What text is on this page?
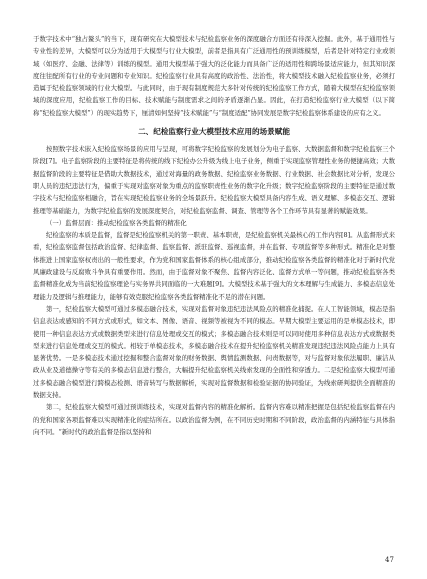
于数字技术中“独占鳌头”的当下，现有研究在大模型技术与纪检监察业务的深度融合方面还有待深入挖掘。此外，基于通用性与专业性的差异，大模型可以分为适用于大模型与行业大模型，前者是指具有广泛通用性的预训练模型，后者是针对特定行业或领域（如医疗、金融、法律等）训练的模型。通用大模型基于强大的泛化能力而具备广泛的适用性和跨场景适应能力，但其知识深度往往配所有行业的专业问题和专业知识。纪检监察行业具有高度的政治性、法治性，将大模型技术融入纪检监察业务，必须打造属于纪检监察领域的行业大模型。与此同时，由于现有制度规范大多针对传统的纪检监察工作方式，随着大模型在纪检监察领域的深度应用，纪检监察工作的目标、技术赋能与制度需求之间的矛盾逐渐凸显。因此，在打造纪检监察行业大模型（以下简称“纪检监察大模型”）的现实趋势下，厘清如何坚持“技术赋能”与“制度适配”协同发展是数字纪检监察体系建设的应有之义。

二、纪检监察行业大模型技术应用的场景赋能

按照数字技术嵌入纪检监察场景的应用与呈现，可将数字纪检监察的发展划分为电子监察、大数据监督和数字纪检监察三个阶段[7]。电子监察阶段的主要特征是将传统的线下纪检办公升级为线上电子业务，侧重于实现监察管理性业务的便捷高效；大数据监督阶段的主要特征是借助大数据技术，通过对海量的政务数据、纪检监察业务数据、行业数据、社会数据比对分析，发现公职人员的违纪违法行为，偏重于实现对监察对象为重点的监察职责性业务的数字化升级；数字纪检监察阶段的主要特征是通过数字技术与纪检监察相融合，旨在实现纪检监察业务的全场景跃升。纪检监察大模型具备内容生成、语义理解、多模态交互、逻辑推理等基础能力，为数字纪检监察的发展深度契合，对纪检监察监督、调查、管理等各个工作环节具有显著的赋能效果。

（一）监督层面：推动纪检监察各类监督的精准化

纪检监察的本质是监督，监督是纪检监察机关的第一职责、基本职责，是纪检监察机关最核心的工作内容[8]。从监督形式来看，纪检监察监督包括政治监督、纪律监督、监察监督、派驻监督、巡视监督，并在监督、专项监督等多种形式。精准化是对整体推进上国家监察权责出的一般性要求，作为党和国家监督体系的核心组成部分，推动纪检监察各类监督的精准化对于新时代党风廉政建设与反腐败斗争具有重要作用。然而，由于监督对象不聚焦、监督内容泛化、监督方式单一等问题，推动纪检监察各类监督精准化成为当前纪检监察理论与实务界共同面临的一大难题[9]。大模型技术基于强大的文本理解与生成能力、多模态信息处理能力及逻辑与推理能力，能够有效克服纪检监察各类监督精准化不足的潜在问题。

第一，纪检监察大模型可通过多模态融合技术，实现对监督对象违纪违法风险点的精准化捕捉。在人工智能领域，模态是指信息表达或感知的不同方式或形式，如文本、图像、语音、视频等被视为不同的模态。早期大模型主要运用的是单模态技术，即使用一种信息表达方式或数据类型来进行信息处理或交互的模式；多模态融合技术则是可以同时使用多种信息表达方式或数据类型来进行信息处理或交互的模式。相较于单模态技术，多模态融合技术在提升纪检监察机关精准发现违纪违法风险点能力上具有显著优势。一是多模态技术通过挖掘和整合监督对象的财务数据、舆情监测数据、问责数据等，对与监督对象依法履职、廉洁从政从业及道德操守等有关的多模态信息进行整合，大幅提升纪检监察机关线索发现的全面性和穿透力。二是纪检监察大模型可通过多模态融合模型进行跨模态检测、语音转写与数据解析，实现对监督数据和检验证据的协同验证，为线索研判提供全面精准的数据支持。

第二，纪检监察大模型可通过预训练技术，实现对监督内容的精准化解析。监督内容难以精准把握是包括纪检监察监督在内的党和国家各项监督难以实现精准化的症结所在。以政治监督为例，在不同历史时期和不同阶段，政治监督的内涵特征与具体指向不同。“新时代的政治监督是指以坚持和

47
